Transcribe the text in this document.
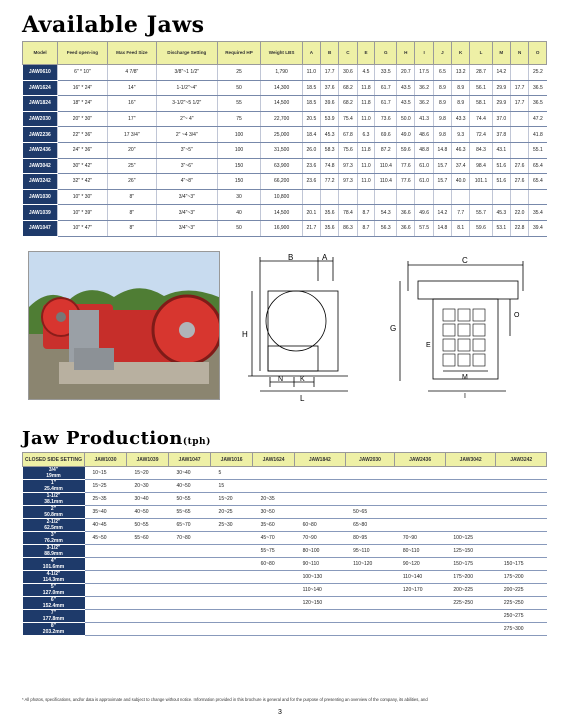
Available Jaws
Model	Feed open-ing	Max Feed Size	Discharge Setting	Required HP	Weight LBS	A	B	C	E	G	H	I	J	K	L	M	N	O
JAW0610	6" * 10"	4 7/8"	3/8"~1 1/2"	25	1,790	11.0	17.7	30.6	4.5	33.5	20.7	17.5	6.5	13.2	28.7	14.2		25.2
JAW1624	16" * 24"	14"	1-1/2"~4"	50	14,300	18.5	37.6	68.2	11.8	61.7	43.5	36.2	8.9	8.9	56.1	29.9	17.7	36.5
JAW1824	18" * 24"	16"	3-1/2"~5 1/2"	55	14,500	18.5	39.6	68.2	11.8	61.7	43.5	36.2	8.9	8.9	58.1	29.9	17.7	36.5
JAW2030	20" * 30"	17"	2"~ 4"	75	22,700	20.5	53.9	75.4	11.0	73.6	50.0	41.3	9.8	43.3	74.4	37.0		47.2
JAW2236	22" * 36"	17 3/4"	2" ~4 3/4"	100	25,000	18.4	45.3	67.8	6.3	69.6	49.0	48.6	9.8	9.3	72.4	37.8		41.8
JAW2436	24" * 36"	20"	3"~5"	100	31,500	26.0	58.3	75.6	11.8	87.2	59.6	48.8	14.8	46.3	84.3	43.1		55.1
JAW3042	30" * 42"	25"	3"~6"	150	63,900	23.6	74.8	97.3	11.0	110.4	77.6	61.0	15.7	37.4	98.4	51.6	27.6	65.4
JAW3242	32" * 42"	26"	4"~8"	150	66,200	23.6	77.2	97.3	11.0	110.4	77.6	61.0	15.7	40.0	101.1	51.6	27.6	65.4
JAW1030	10" * 30"	8"	3/4"~3"	30	10,800													
JAW1039	10" * 39"	8"	3/4"~3"	40	14,500	20.1	35.6	78.4	8.7	54.3	36.6	49.6	14.2	7.7	55.7	45.3	22.0	35.4
JAW1047	10" * 47"	8"	3/4"~3"	50	16,900	21.7	35.6	86.3	8.7	56.3	36.6	57.5	14.8	8.1	59.6	53.1	22.8	39.4
B	A
H
N K
L
C
G
O
E
M
I
Jaw Production(tph)
CLOSED SIDE SETTING	JAW1030	JAW1039	JAW1047	JAW1016	JAW1624	JAW1842	JAW2030	JAW2436	JAW3042	JAW3242

3/4"
19mm	10~15	15~20	30~40	5						

1"
25.4mm	15~25	20~30	40~50	15						

1-1/2"
38.1mm	25~35	30~40	50~55	15~20	20~35					

2"
50.8mm	35~40	40~50	55~65	20~25	30~50		50~65			

2-1/2"
62.5mm	40~45	50~55	65~70	25~30	35~60	60~80	65~80			

3"
76.2mm	45~50	55~60	70~80		45~70	70~90	80~95	70~90	100~125	

3-1/2"
88.9mm					55~75	80~100	95~110	80~110	125~150	

4"
101.6mm					60~80	90~110	110~120	90~120	150~175	150~175

4-1/2"
114.3mm						100~130		110~140	175~200	175~200

5"
127.0mm						110~140		120~170	200~225	200~225

6"
152.4mm						120~150			225~250	225~250

7"
177.8mm										250~275

8"
203.2mm										275~300
* All photos, specifications, and/or data is approximate and subject to change without notice. Information provided in this brochure is general and for the purpose of presenting an overview of the company, its abilities, and
3
